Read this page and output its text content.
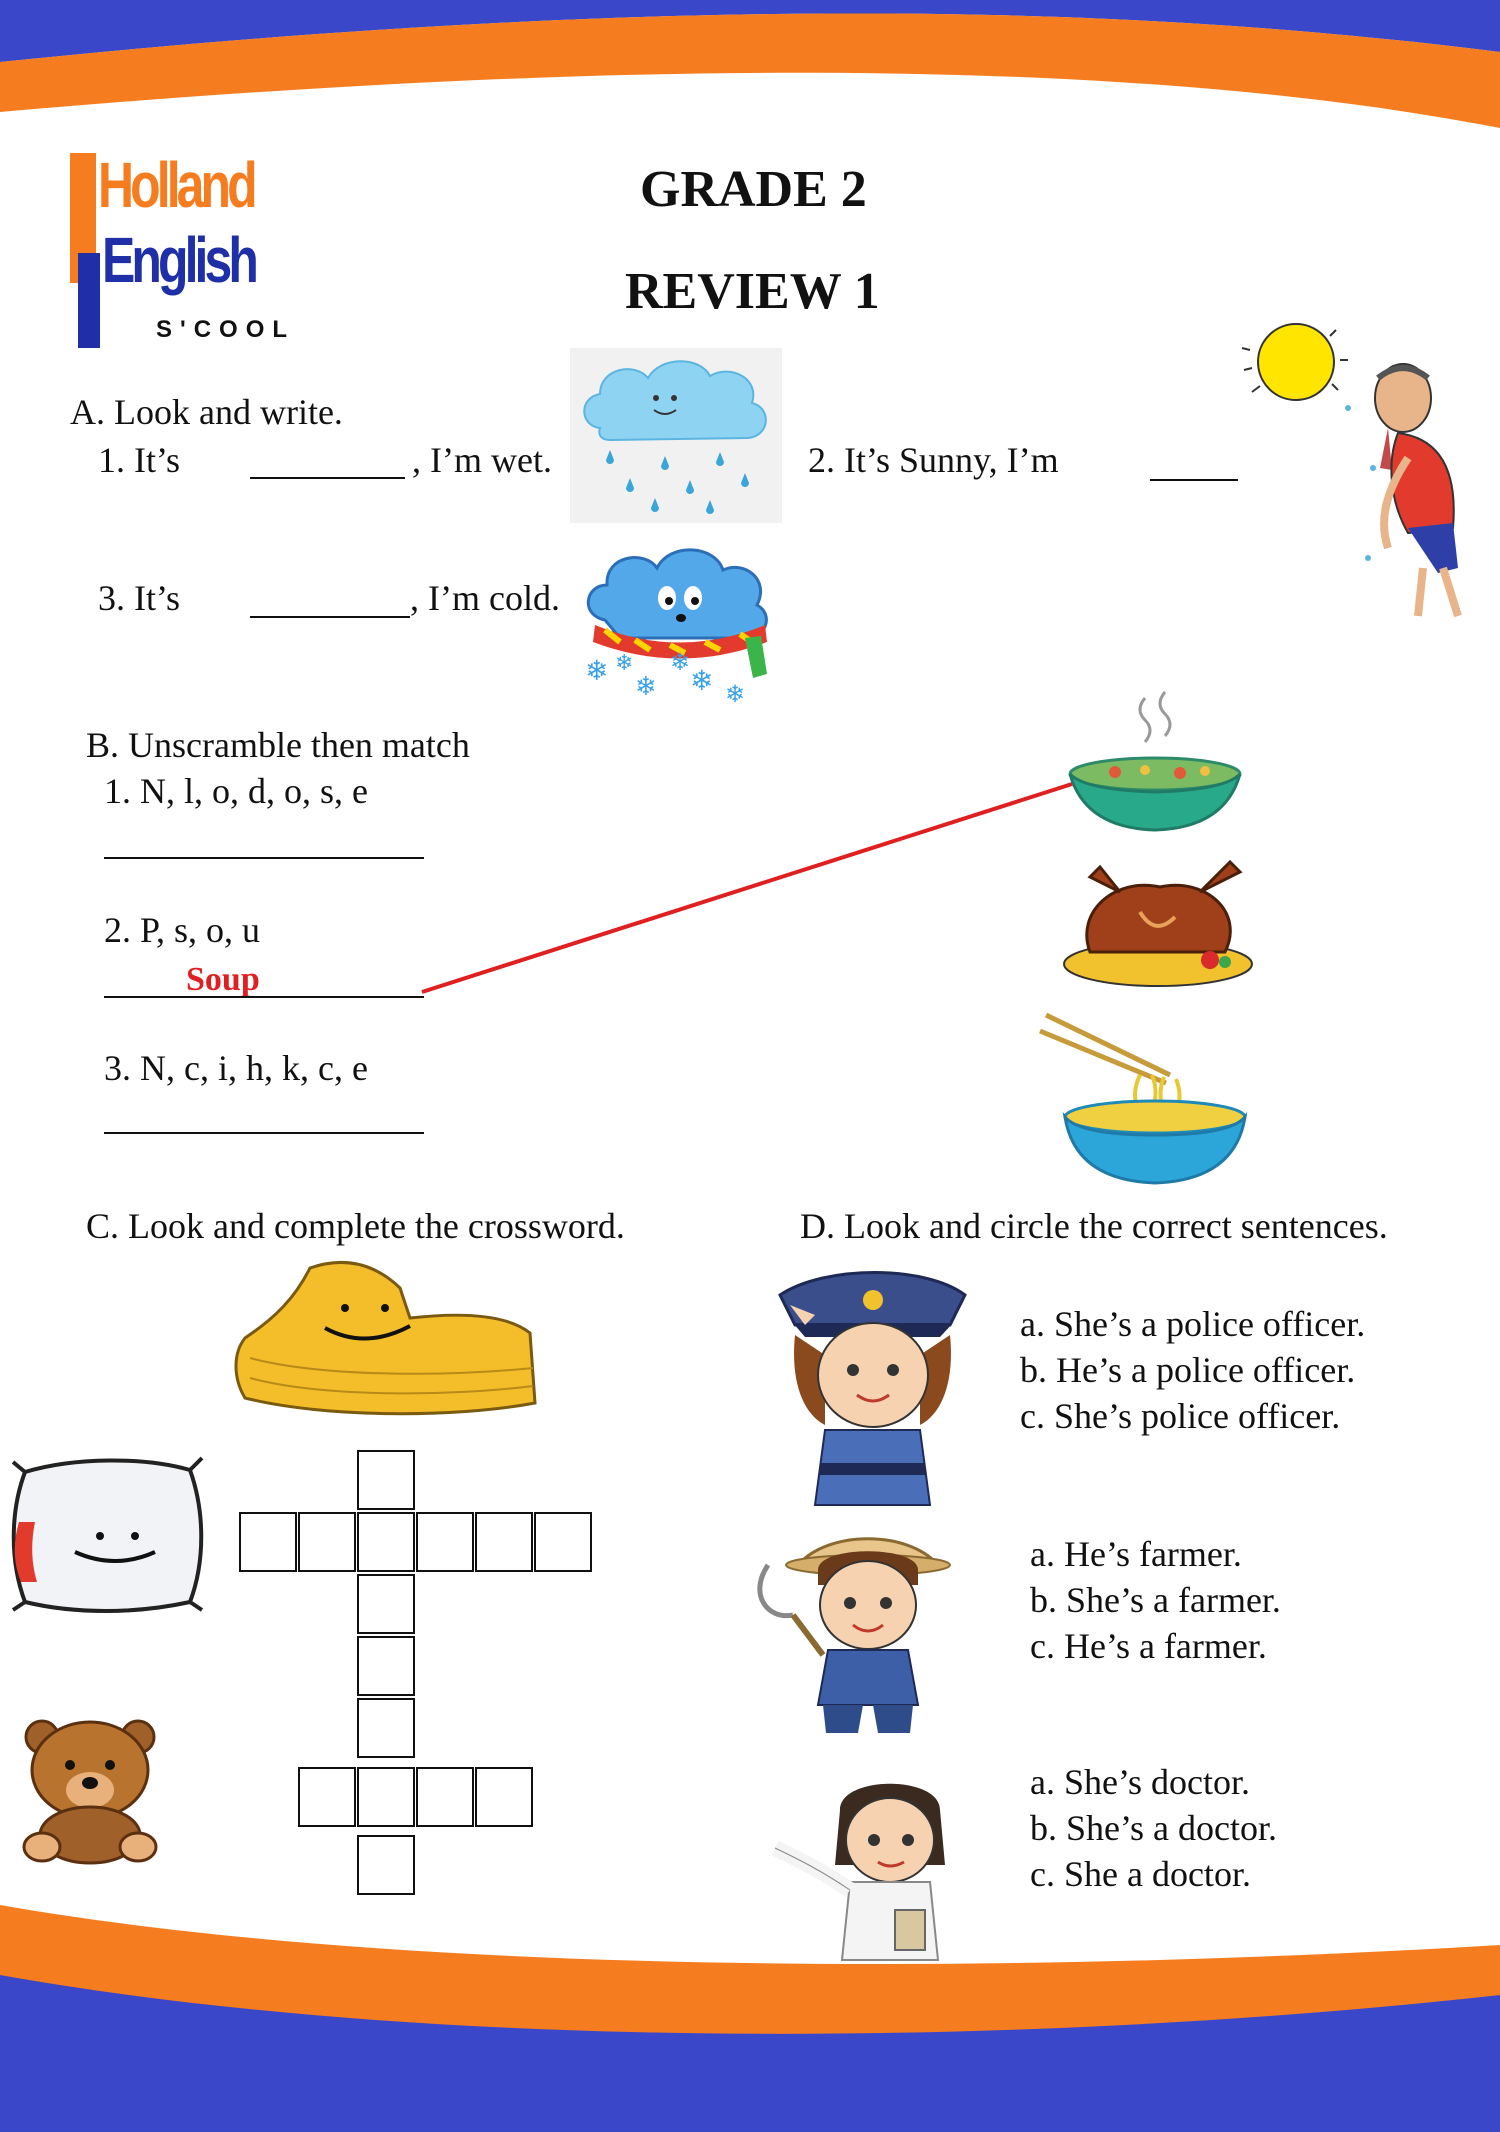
Holland
English
S'COOL
GRADE 2
REVIEW 1
A. Look and write.
1. It’s	, I’m wet.	2. It’s Sunny, I’m
3. It’s	, I’m cold.
❄ ❄ ❄
❄
❄
❄
B. Unscramble then match
1. N, l, o, d, o, s, e
2. P, s, o, u
Soup
3. N, c, i, h, k, c, e
C. Look and complete the crossword.	D. Look and circle the correct sentences.
a. She’s a police officer.
b. He’s a police officer.
c. She’s police officer.
a. He’s farmer.
b. She’s a farmer.
c. He’s a farmer.
a. She’s doctor.
b. She’s a doctor.
c. She a doctor.
